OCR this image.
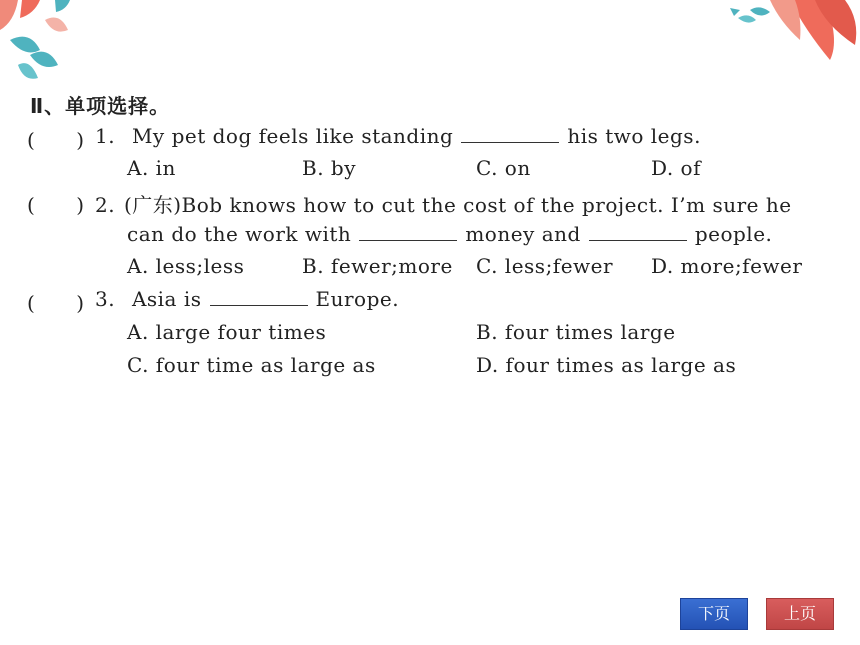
Ⅱ、单项选择。
(　　) 1. My pet dog feels like standing	his two legs.
A. in	B. by	C. on	D. of
(　　) 2. (广东)Bob knows how to cut the cost of the project. I’m sure he
can do the work with	money and	people.
A. less;less	B. fewer;more C. less;fewer D. more;fewer
(　　) 3. Asia is	Europe.
A. large four times	B. four times large
C. four time as large as	D. four times as large as
下页	上页
